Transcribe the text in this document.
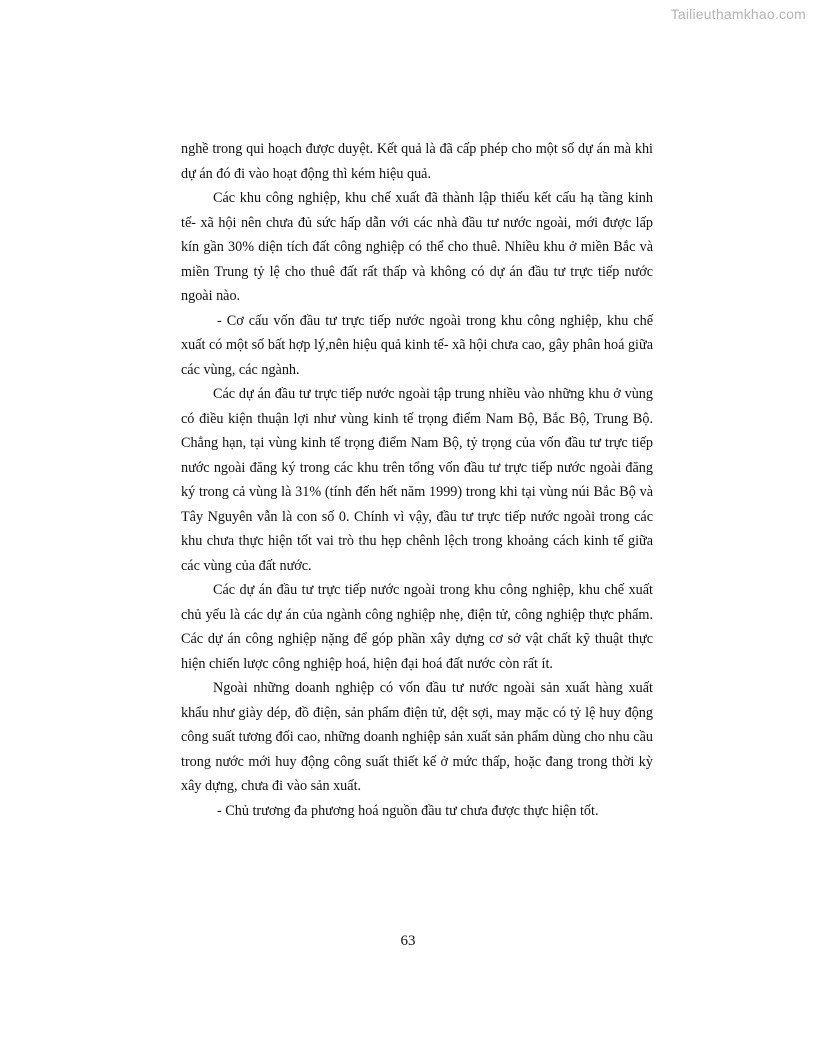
Tailieuthamkhao.com

nghề trong qui hoạch được duyệt. Kết quả là đã cấp phép cho một số dự án mà khi dự án đó đi vào hoạt động thì kém hiệu quả.

Các khu công nghiệp, khu chế xuất đã thành lập thiếu kết cấu hạ tầng kinh tế- xã hội nên chưa đủ sức hấp dẫn với các nhà đầu tư nước ngoài, mới được lấp kín gần 30% diện tích đất công nghiệp có thể cho thuê. Nhiều khu ở miền Bắc và miền Trung tỷ lệ cho thuê đất rất thấp và không có dự án đầu tư trực tiếp nước ngoài nào.

- Cơ cấu vốn đầu tư trực tiếp nước ngoài trong khu công nghiệp, khu chế xuất có một số bất hợp lý,nên hiệu quả kinh tế- xã hội chưa cao, gây phân hoá giữa các vùng, các ngành.

Các dự án đầu tư trực tiếp nước ngoài tập trung nhiều vào những khu ở vùng có điều kiện thuận lợi như vùng kinh tế trọng điểm Nam Bộ, Bắc Bộ, Trung Bộ. Chẳng hạn, tại vùng kinh tế trọng điểm Nam Bộ, tỷ trọng của vốn đầu tư trực tiếp nước ngoài đăng ký trong các khu trên tổng vốn đầu tư trực tiếp nước ngoài đăng ký trong cả vùng là 31% (tính đến hết năm 1999) trong khi tại vùng núi Bắc Bộ và Tây Nguyên vẫn là con số 0. Chính vì vậy, đầu tư trực tiếp nước ngoài trong các khu chưa thực hiện tốt vai trò thu hẹp chênh lệch trong khoảng cách kinh tế giữa các vùng của đất nước.

Các dự án đầu tư trực tiếp nước ngoài trong khu công nghiệp, khu chế xuất chủ yếu là các dự án của ngành công nghiệp nhẹ, điện tử, công nghiệp thực phẩm. Các dự án công nghiệp nặng để góp phần xây dựng cơ sở vật chất kỹ thuật thực hiện chiến lược công nghiệp hoá, hiện đại hoá đất nước còn rất ít.

Ngoài những doanh nghiệp có vốn đầu tư nước ngoài sản xuất hàng xuất khẩu như giày dép, đồ điện, sản phẩm điện tử, dệt sợi, may mặc có tỷ lệ huy động công suất tương đối cao, những doanh nghiệp sản xuất sản phẩm dùng cho nhu cầu trong nước mới huy động công suất thiết kế ở mức thấp, hoặc đang trong thời kỳ xây dựng, chưa đi vào sản xuất.

- Chủ trương đa phương hoá nguồn đầu tư chưa được thực hiện tốt.

63
